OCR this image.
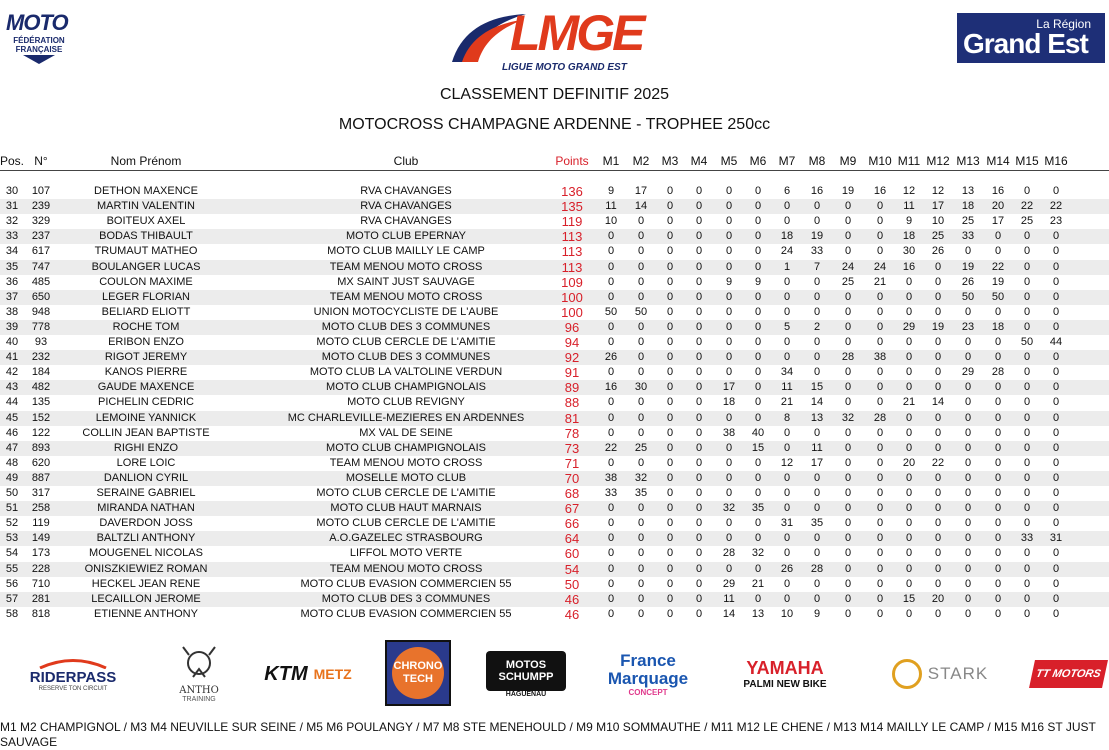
MOTO
FÉDÉRATION FRANÇAISE	LMGE
LIGUE MOTO GRAND EST
La Région
Grand Est
CLASSEMENT DEFINITIF 2025
MOTOCROSS CHAMPAGNE ARDENNE - TROPHEE 250cc
Pos. N°	Nom Prénom	Club	Points	M1	M2	M3	M4	M5	M6	M7	M8	M9	M10 M11 M12 M13 M14 M15 M16
30	107	DETHON MAXENCE	RVA CHAVANGES	136	9	17	0	0	0	0	6	16	19	16	12	12	13	16	0	0
31	239	MARTIN VALENTIN	RVA CHAVANGES	135	11	14	0	0	0	0	0	0	0	0	11	17	18	20	22	22
32	329	BOITEUX AXEL	RVA CHAVANGES	119	10	0	0	0	0	0	0	0	0	0	9	10	25	17	25	23
33	237	BODAS THIBAULT	MOTO CLUB EPERNAY	113	0	0	0	0	0	0	18	19	0	0	18	25	33	0	0	0
34	617	TRUMAUT MATHEO	MOTO CLUB MAILLY LE CAMP	113	0	0	0	0	0	0	24	33	0	0	30	26	0	0	0	0
35	747	BOULANGER LUCAS	TEAM MENOU MOTO CROSS	113	0	0	0	0	0	0	1	7	24	24	16	0	19	22	0	0
36	485	COULON MAXIME	MX SAINT JUST SAUVAGE	109	0	0	0	0	9	9	0	0	25	21	0	0	26	19	0	0
37	650	LEGER FLORIAN	TEAM MENOU MOTO CROSS	100	0	0	0	0	0	0	0	0	0	0	0	0	50	50	0	0
38	948	BELIARD ELIOTT	UNION MOTOCYCLISTE DE L'AUBE	100	50	50	0	0	0	0	0	0	0	0	0	0	0	0	0	0
39	778	ROCHE TOM	MOTO CLUB DES 3 COMMUNES	96	0	0	0	0	0	0	5	2	0	0	29	19	23	18	0	0
40	93	ERIBON ENZO	MOTO CLUB CERCLE DE L'AMITIE	94	0	0	0	0	0	0	0	0	0	0	0	0	0	0	50	44
41	232	RIGOT JEREMY	MOTO CLUB DES 3 COMMUNES	92	26	0	0	0	0	0	0	0	28	38	0	0	0	0	0	0
42	184	KANOS PIERRE	MOTO CLUB LA VALTOLINE VERDUN	91	0	0	0	0	0	0	34	0	0	0	0	0	29	28	0	0
43	482	GAUDE MAXENCE	MOTO CLUB CHAMPIGNOLAIS	89	16	30	0	0	17	0	11	15	0	0	0	0	0	0	0	0
44	135	PICHELIN CEDRIC	MOTO CLUB REVIGNY	88	0	0	0	0	18	0	21	14	0	0	21	14	0	0	0	0
45	152	LEMOINE YANNICK	MC CHARLEVILLE-MEZIERES EN ARDENNES	81	0	0	0	0	0	0	8	13	32	28	0	0	0	0	0	0
46	122	COLLIN JEAN BAPTISTE	MX VAL DE SEINE	78	0	0	0	0	38	40	0	0	0	0	0	0	0	0	0	0
47	893	RIGHI ENZO	MOTO CLUB CHAMPIGNOLAIS	73	22	25	0	0	0	15	0	11	0	0	0	0	0	0	0	0
48	620	LORE LOIC	TEAM MENOU MOTO CROSS	71	0	0	0	0	0	0	12	17	0	0	20	22	0	0	0	0
49	887	DANLION CYRIL	MOSELLE MOTO CLUB	70	38	32	0	0	0	0	0	0	0	0	0	0	0	0	0	0
50	317	SERAINE GABRIEL	MOTO CLUB CERCLE DE L'AMITIE	68	33	35	0	0	0	0	0	0	0	0	0	0	0	0	0	0
51	258	MIRANDA NATHAN	MOTO CLUB HAUT MARNAIS	67	0	0	0	0	32	35	0	0	0	0	0	0	0	0	0	0
52	119	DAVERDON JOSS	MOTO CLUB CERCLE DE L'AMITIE	66	0	0	0	0	0	0	31	35	0	0	0	0	0	0	0	0
53	149	BALTZLI ANTHONY	A.O.GAZELEC STRASBOURG	64	0	0	0	0	0	0	0	0	0	0	0	0	0	0	33	31
54	173	MOUGENEL NICOLAS	LIFFOL MOTO VERTE	60	0	0	0	0	28	32	0	0	0	0	0	0	0	0	0	0
55	228	ONISZKIEWIEZ ROMAN	TEAM MENOU MOTO CROSS	54	0	0	0	0	0	0	26	28	0	0	0	0	0	0	0	0
56	710	HECKEL JEAN RENE	MOTO CLUB EVASION COMMERCIEN 55	50	0	0	0	0	29	21	0	0	0	0	0	0	0	0	0	0
57	281	LECAILLON JEROME	MOTO CLUB DES 3 COMMUNES	46	0	0	0	0	11	0	0	0	0	0	15	20	0	0	0	0
58	818	ETIENNE ANTHONY	MOTO CLUB EVASION COMMERCIEN 55	46	0	0	0	0	14	13	10	9	0	0	0	0	0	0	0	0
RIDERPASS
RESERVE TON CIRCUIT	ANTHO
TRAINING
KTM METZ	CHRONO TECH
MOTOS SCHUMPP
HAGUENAU
France Marquage
CONCEPT
YAMAHA
PALMI NEW BIKE
STARK	TT MOTORS
M1 M2 CHAMPIGNOL / M3 M4 NEUVILLE SUR SEINE / M5 M6 POULANGY / M7 M8 STE MENEHOULD / M9 M10 SOMMAUTHE / M11 M12 LE CHENE / M13 M14 MAILLY LE CAMP / M15 M16 ST JUST SAUVAGE
